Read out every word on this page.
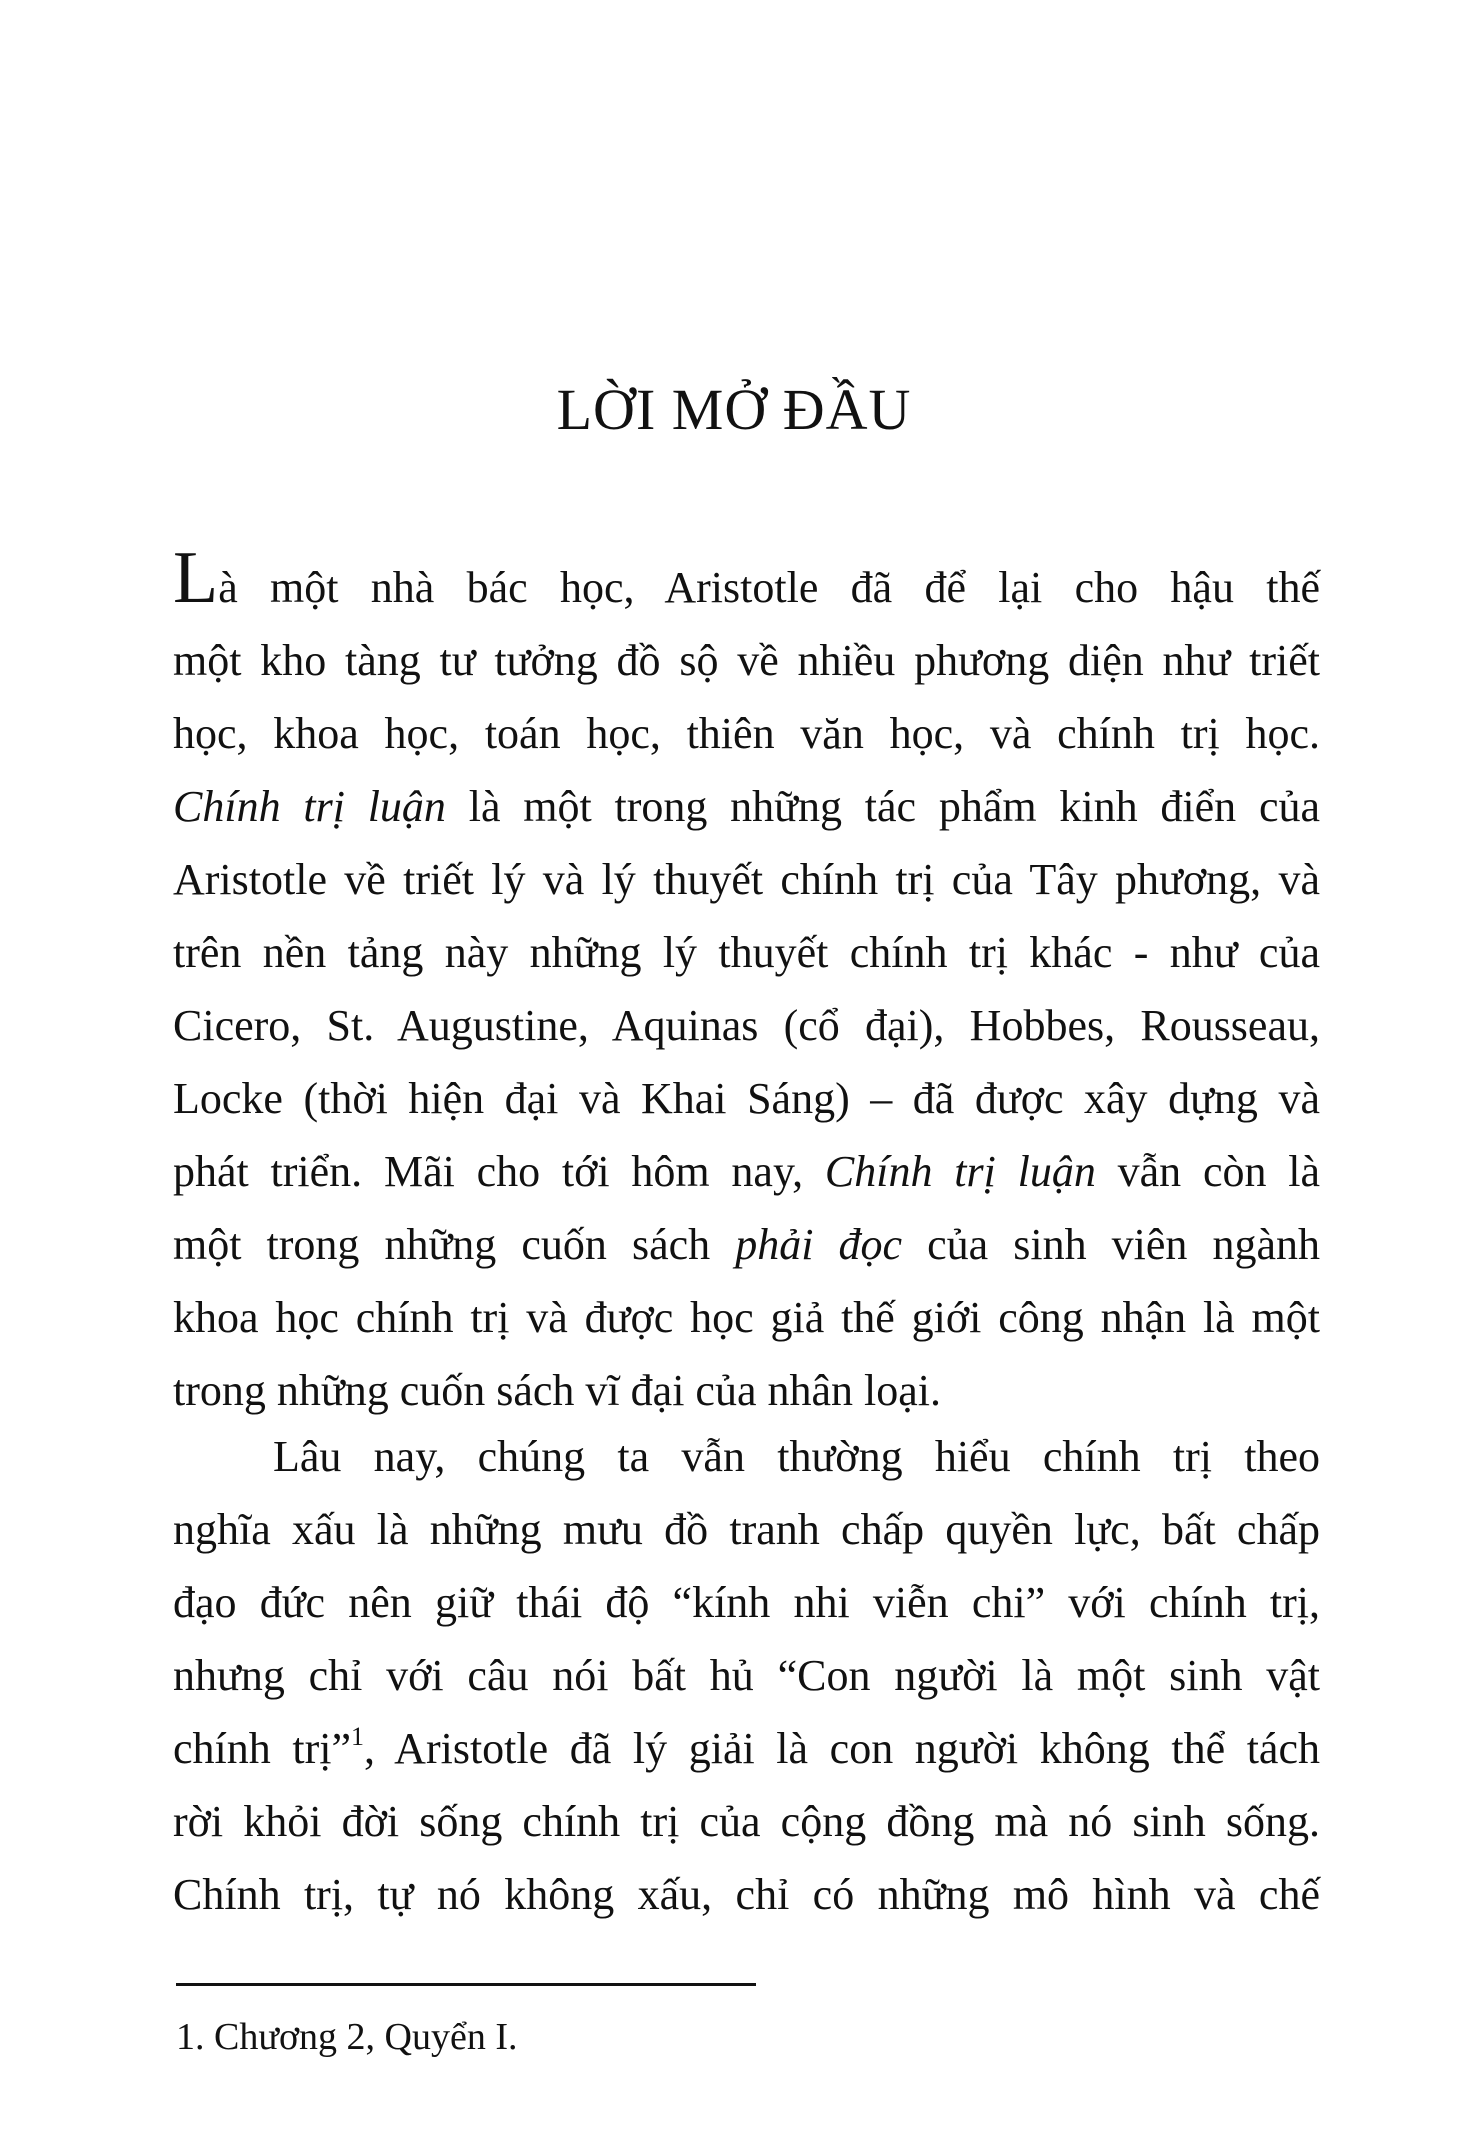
LỜI MỞ ĐẦU

Là một nhà bác học, Aristotle đã để lại cho hậu thế
một kho tàng tư tưởng đồ sộ về nhiều phương diện như triết
học, khoa học, toán học, thiên văn học, và chính trị học.
Chính trị luận là một trong những tác phẩm kinh điển của
Aristotle về triết lý và lý thuyết chính trị của Tây phương, và
trên nền tảng này những lý thuyết chính trị khác - như của
Cicero, St. Augustine, Aquinas (cổ đại), Hobbes, Rousseau,
Locke (thời hiện đại và Khai Sáng) – đã được xây dựng và
phát triển. Mãi cho tới hôm nay, Chính trị luận vẫn còn là
một trong những cuốn sách phải đọc của sinh viên ngành
khoa học chính trị và được học giả thế giới công nhận là một
trong những cuốn sách vĩ đại của nhân loại.

Lâu nay, chúng ta vẫn thường hiểu chính trị theo
nghĩa xấu là những mưu đồ tranh chấp quyền lực, bất chấp
đạo đức nên giữ thái độ “kính nhi viễn chi” với chính trị,
nhưng chỉ với câu nói bất hủ “Con người là một sinh vật
chính trị”$^1$, Aristotle đã lý giải là con người không thể tách
rời khỏi đời sống chính trị của cộng đồng mà nó sinh sống.
Chính trị, tự nó không xấu, chỉ có những mô hình và chế

1. Chương 2, Quyển I.
